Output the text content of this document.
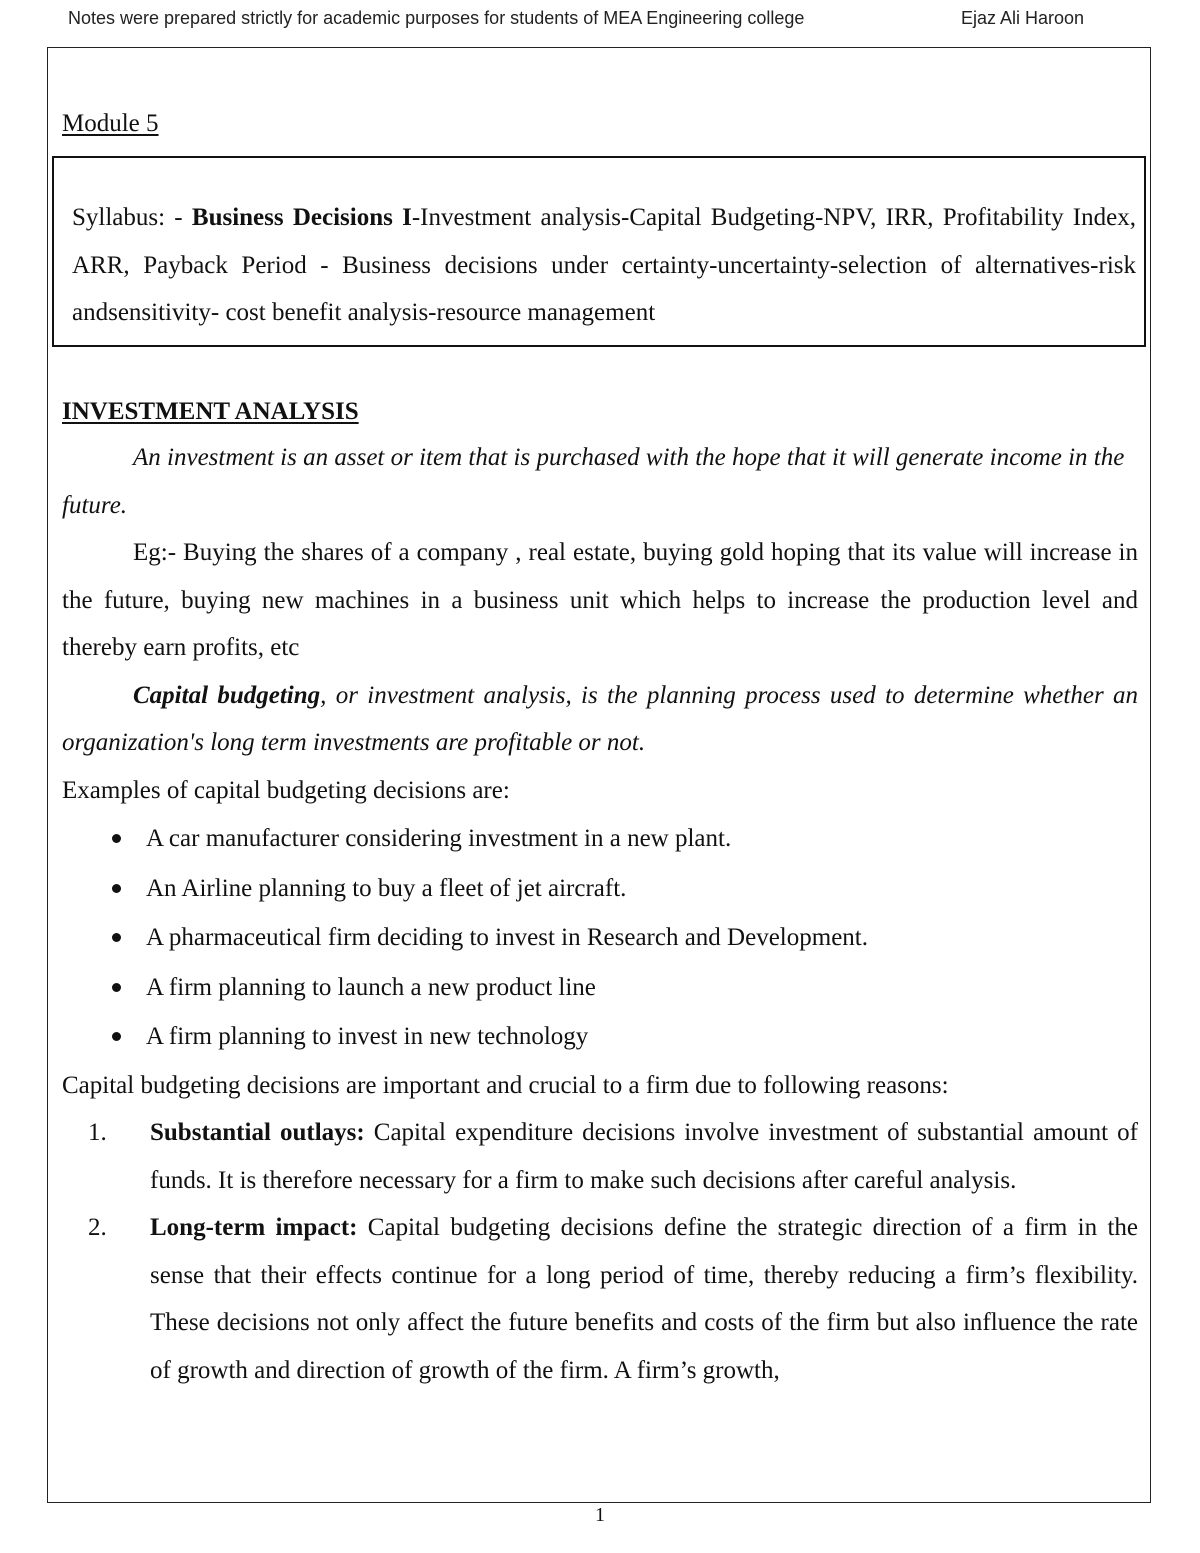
Notes were prepared strictly for academic purposes for students of MEA Engineering college	Ejaz Ali Haroon
Module 5
Syllabus: - Business Decisions I-Investment analysis-Capital Budgeting-NPV, IRR, Profitability Index, ARR, Payback Period - Business decisions under certainty-uncertainty-selection of alternatives-risk andsensitivity- cost benefit analysis-resource management

INVESTMENT ANALYSIS

An investment is an asset or item that is purchased with the hope that it will generate income in the future.

Eg:- Buying the shares of a company , real estate, buying gold hoping that its value will increase in the future, buying new machines in a business unit which helps to increase the production level and thereby earn profits, etc

Capital budgeting, or investment analysis, is the planning process used to determine whether an organization's long term investments are profitable or not.

Examples of capital budgeting decisions are:

A car manufacturer considering investment in a new plant.
An Airline planning to buy a fleet of jet aircraft.
A pharmaceutical firm deciding to invest in Research and Development.
A firm planning to launch a new product line
A firm planning to invest in new technology

Capital budgeting decisions are important and crucial to a firm due to following reasons:

1. Substantial outlays: Capital expenditure decisions involve investment of substantial amount of funds. It is therefore necessary for a firm to make such decisions after careful analysis.
2. Long-term impact: Capital budgeting decisions define the strategic direction of a firm in the sense that their effects continue for a long period of time, thereby reducing a firm’s flexibility. These decisions not only affect the future benefits and costs of the firm but also influence the rate of growth and direction of growth of the firm. A firm’s growth,
1
